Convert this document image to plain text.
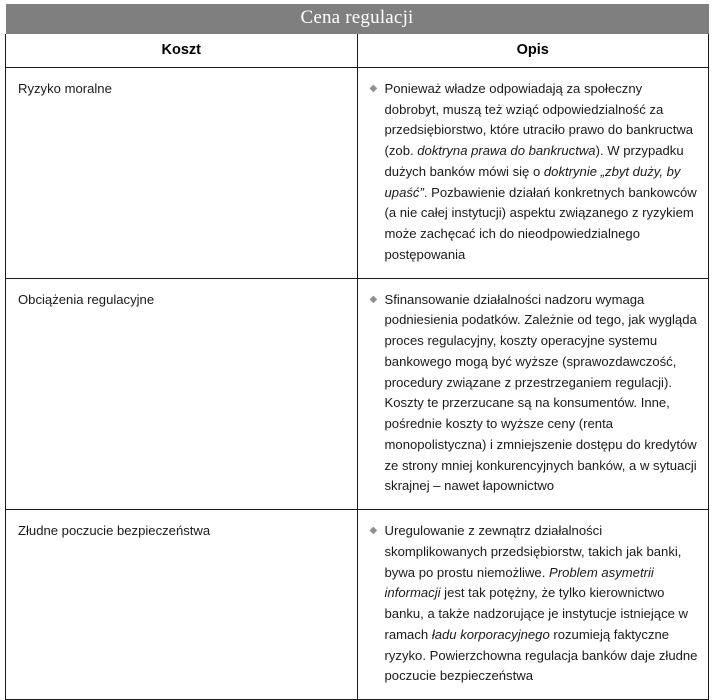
Cena regulacji	
Koszt	Opis
Ryzyko moralne	◆ Ponieważ władze odpowiadają za społeczny dobrobyt, muszą też wziąć odpowiedzialność za przedsiębiorstwo, które utraciło prawo do bankructwa (zob. doktryna prawa do bankructwa). W przypadku dużych banków mówi się o doktrynie „zbyt duży, by upaść”. Pozbawienie działań konkretnych bankowców (a nie całej instytucji) aspektu związanego z ryzykiem może zachęcać ich do nieodpowiedzialnego postępowania

Obciążenia regulacyjne	◆ Sfinansowanie działalności nadzoru wymaga podniesienia podatków. Zależnie od tego, jak wygląda proces regulacyjny, koszty operacyjne systemu bankowego mogą być wyższe (sprawozdawczość, procedury związane z przestrzeganiem regulacji). Koszty te przerzucane są na konsumentów. Inne, pośrednie koszty to wyższe ceny (renta monopolistyczna) i zmniejszenie dostępu do kredytów ze strony mniej konkurencyjnych banków, a w sytuacji skrajnej – nawet łapownictwo

Złudne poczucie bezpieczeństwa	◆ Uregulowanie z zewnątrz działalności skomplikowanych przedsiębiorstw, takich jak banki, bywa po prostu niemożliwe. Problem asymetrii informacji jest tak potężny, że tylko kierownictwo banku, a także nadzorujące je instytucje istniejące w ramach ładu korporacyjnego rozumieją faktyczne ryzyko. Powierzchowna regulacja banków daje złudne poczucie bezpieczeństwa
